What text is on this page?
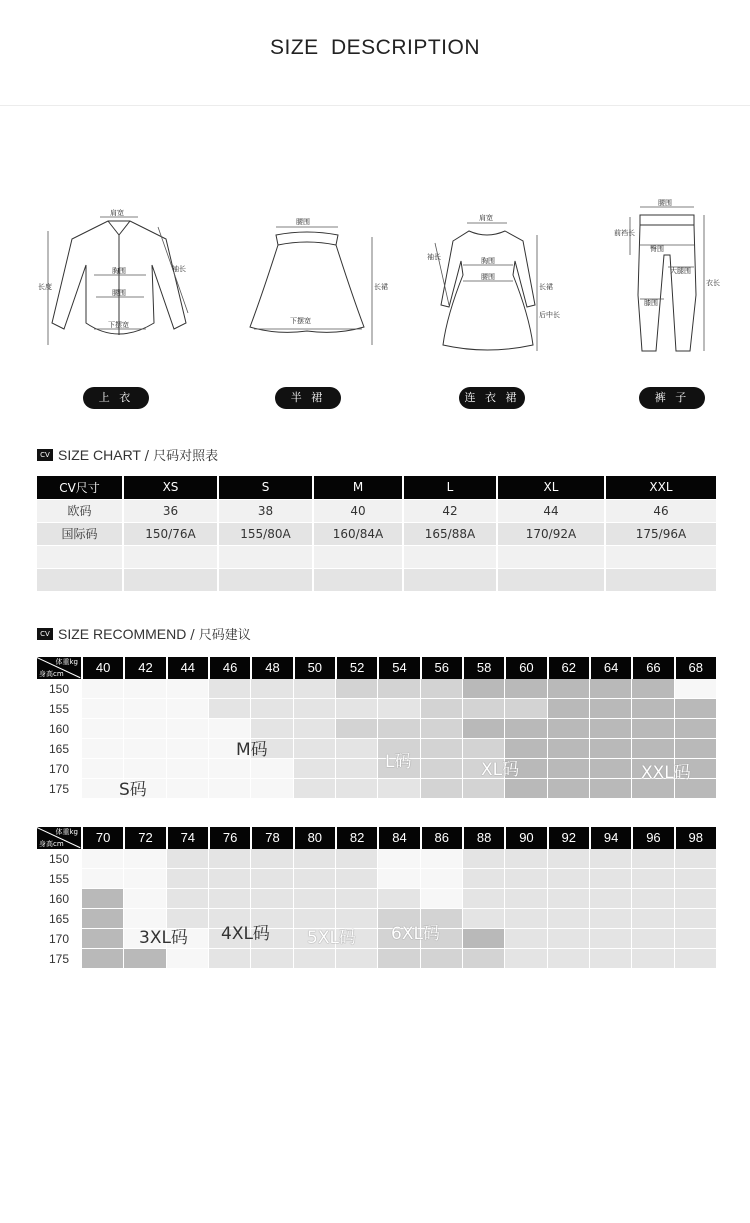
SIZE DESCRIPTION
肩宽
胸围
腰围
下摆宽
长度
袖长
上 衣
腰围
下摆宽
长裙
半 裙
肩宽
胸围
腰围
袖长
长裙
后中长
连 衣 裙
腰围
臀围
大腿围
膝围
前裆长
衣长
裤 子
CV SIZE CHART / 尺码对照表
CV尺寸	XS	S	M	L	XL	XXL
欧码	36	38	40	42	44	46
国际码	150/76A	155/80A	160/84A	165/88A	170/92A	175/96A

CV SIZE RECOMMEND / 尺码建议
体重kg
身高cm	40	42	44	46	48	50	52	54	56	58	60	62	64	66	68
150
155
160
165
170
175	S码
M码
L码	XL码	XXL码
体重kg
身高cm	70	72	74	76	78	80	82	84	86	88	90	92	94	96	98
150
155
160
165
170
175
3XL码 4XL码 5XL码 6XL码
